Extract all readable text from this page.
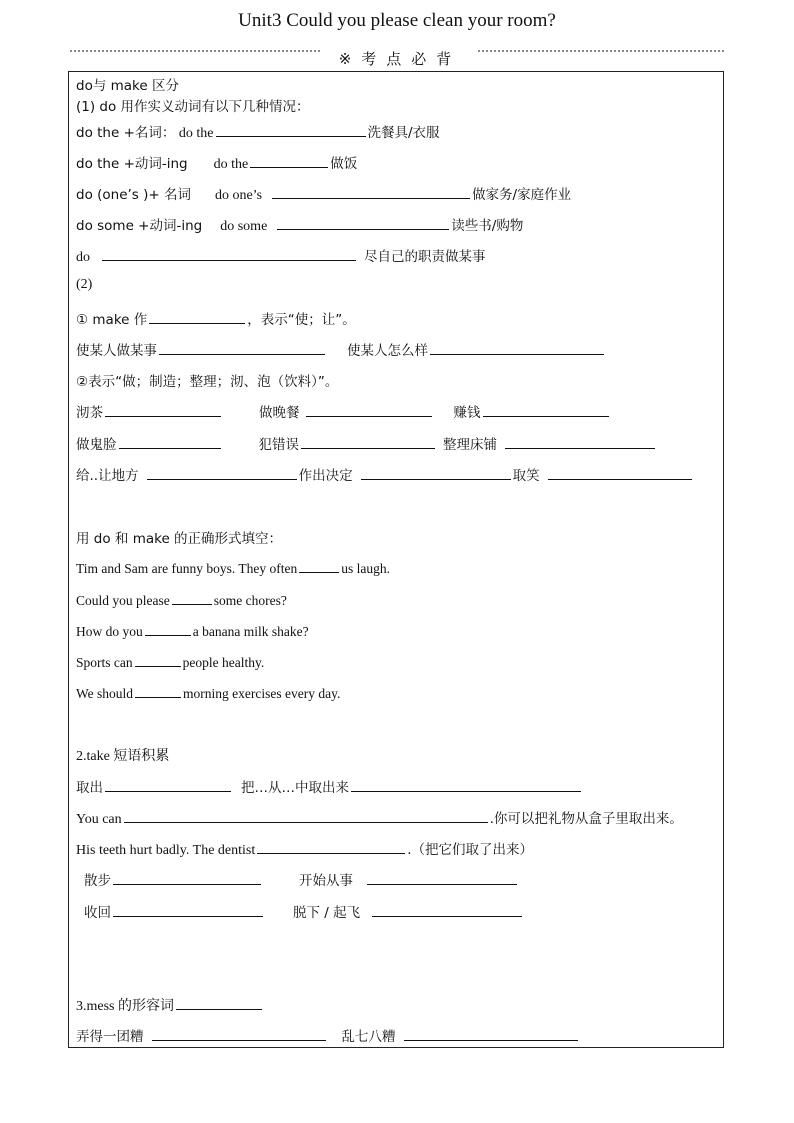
Unit3 Could you please clean your room?
※考点必背
do与 make 区分
(1) do 用作实义动词有以下几种情况：
do the +名词： do the	洗餐具/衣服
do the +动词-ing do the	做饭
do (one’s )+ 名词 do one’s	做家务/家庭作业
do some +动词-ing do some	读些书/购物
do	尽自己的职责做某事
(2)
① make 作	，表示“使；让”。
使某人做某事	使某人怎么样
②表示“做；制造；整理；沏、泡（饮料）”。
沏茶	做晚餐	赚钱
做鬼脸	犯错误	整理床铺
给..让地方	作出决定	取笑
用 do 和 make 的正确形式填空：
Tim and Sam are funny boys. They often	us laugh.
Could you please	some chores?
How do you	a banana milk shake?
Sports can	people healthy.
We should	morning exercises every day.
2.take 短语积累
取出	把…从…中取出来
You can	.你可以把礼物从盒子里取出来。
His teeth hurt badly. The dentist	.（把它们取了出来）
散步	开始从事
收回	脱下 / 起飞
3.mess 的形容词
弄得一团糟	乱七八糟
